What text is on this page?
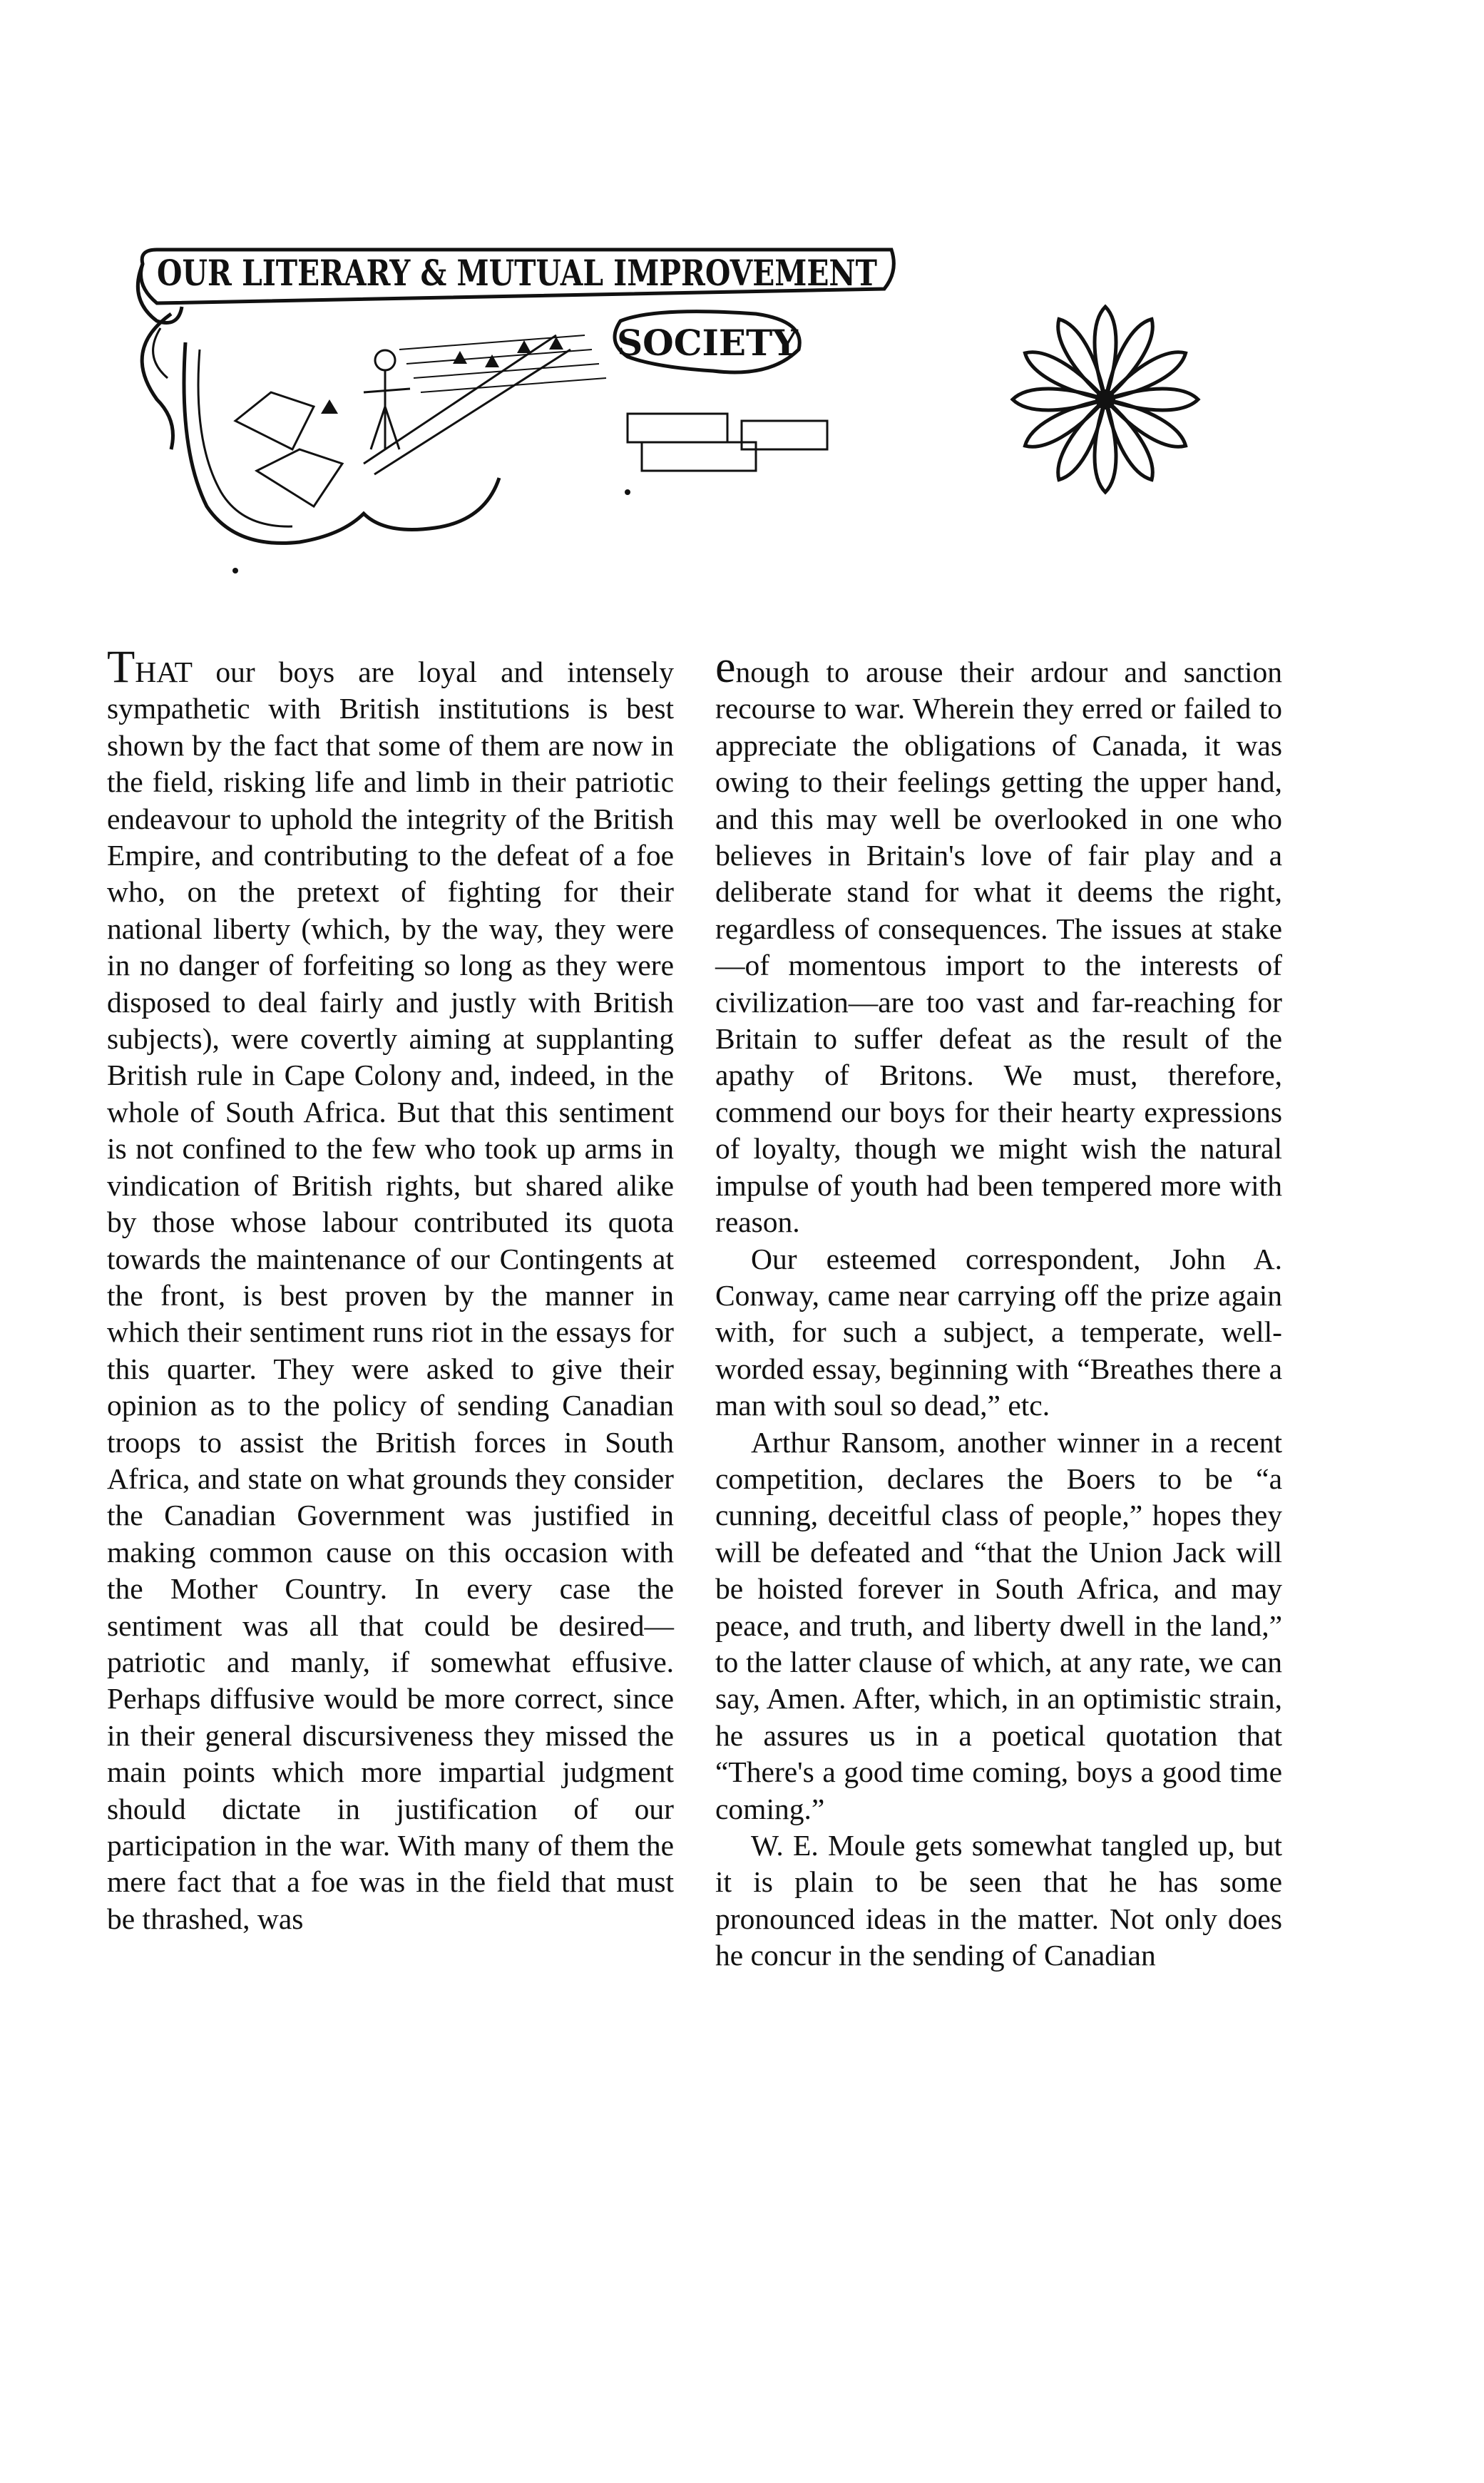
OUR LITERARY & MUTUAL IMPROVEMENT
SOCIETY

THAT our boys are loyal and intensely sympathetic with British institutions is best shown by the fact that some of them are now in the field, risking life and limb in their patriotic endeavour to uphold the integrity of the British Empire, and contributing to the defeat of a foe who, on the pretext of fighting for their national liberty (which, by the way, they were in no danger of forfeiting so long as they were disposed to deal fairly and justly with British subjects), were covertly aiming at supplanting British rule in Cape Colony and, indeed, in the whole of South Africa. But that this sentiment is not confined to the few who took up arms in vindication of British rights, but shared alike by those whose labour contributed its quota towards the maintenance of our Contingents at the front, is best proven by the manner in which their sentiment runs riot in the essays for this quarter. They were asked to give their opinion as to the policy of sending Canadian troops to assist the British forces in South Africa, and state on what grounds they consider the Canadian Government was justified in making common cause on this occasion with the Mother Country. In every case the sentiment was all that could be desired—patriotic and manly, if somewhat effusive. Perhaps diffusive would be more correct, since in their general discursiveness they missed the main points which more impartial judgment should dictate in justification of our participation in the war. With many of them the mere fact that a foe was in the field that must be thrashed, was

enough to arouse their ardour and sanction recourse to war. Wherein they erred or failed to appreciate the obligations of Canada, it was owing to their feelings getting the upper hand, and this may well be overlooked in one who believes in Britain's love of fair play and a deliberate stand for what it deems the right, regardless of consequences. The issues at stake—of momentous import to the interests of civilization—are too vast and far-reaching for Britain to suffer defeat as the result of the apathy of Britons. We must, therefore, commend our boys for their hearty expressions of loyalty, though we might wish the natural impulse of youth had been tempered more with reason.

Our esteemed correspondent, John A. Conway, came near carrying off the prize again with, for such a subject, a temperate, well-worded essay, beginning with “Breathes there a man with soul so dead,” etc.

Arthur Ransom, another winner in a recent competition, declares the Boers to be “a cunning, deceitful class of people,” hopes they will be defeated and “that the Union Jack will be hoisted forever in South Africa, and may peace, and truth, and liberty dwell in the land,” to the latter clause of which, at any rate, we can say, Amen. After, which, in an optimistic strain, he assures us in a poetical quotation that “There's a good time coming, boys a good time coming.”

W. E. Moule gets somewhat tangled up, but it is plain to be seen that he has some pronounced ideas in the matter. Not only does he concur in the sending of Canadian
